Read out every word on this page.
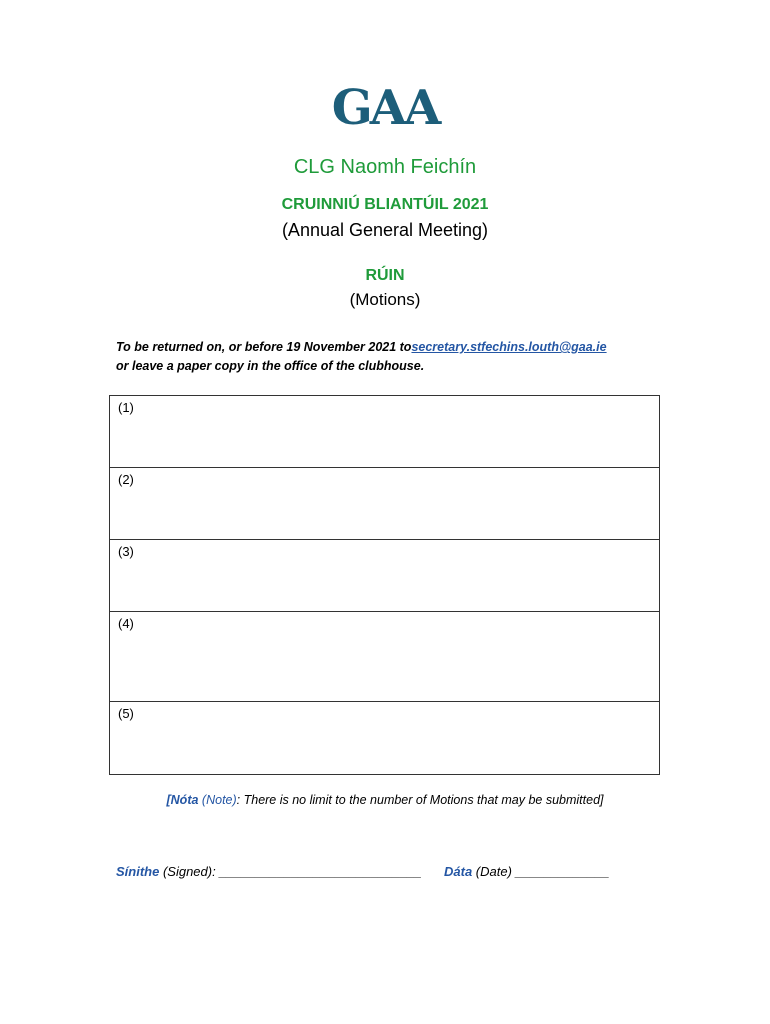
GAA
CLG Naomh Feichín
CRUINNIÚ BLIANTÚIL 2021
(Annual General Meeting)
RÚIN
(Motions)
To be returned on, or before 19 November 2021 tosecretary.stfechins.louth@gaa.ie
or leave a paper copy in the office of the clubhouse.
(1)
(2)
(3)
(4)
(5)
[Nóta (Note): There is no limit to the number of Motions that may be submitted]
Sínithe (Signed): ____________________________ Dáta (Date) _____________
